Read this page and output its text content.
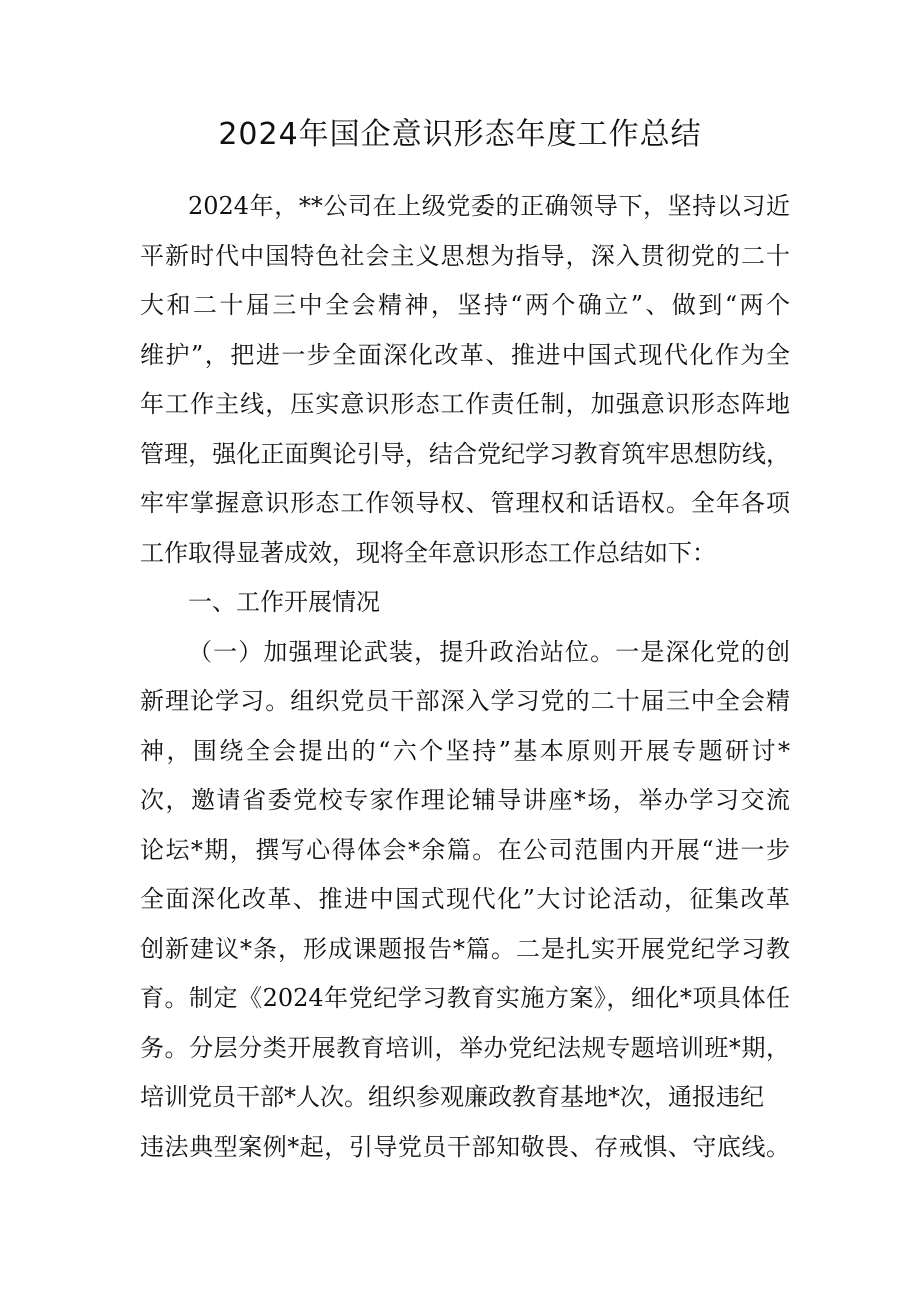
2024年国企意识形态年度工作总结
2024年，**公司在上级党委的正确领导下，坚持以习近
平新时代中国特色社会主义思想为指导，深入贯彻党的二十
大和二十届三中全会精神，坚持“两个确立”、做到“两个
维护”，把进一步全面深化改革、推进中国式现代化作为全
年工作主线，压实意识形态工作责任制，加强意识形态阵地
管理，强化正面舆论引导，结合党纪学习教育筑牢思想防线，
牢牢掌握意识形态工作领导权、管理权和话语权。全年各项
工作取得显著成效，现将全年意识形态工作总结如下：
一、工作开展情况
（一）加强理论武装，提升政治站位。一是深化党的创
新理论学习。组织党员干部深入学习党的二十届三中全会精
神，围绕全会提出的“六个坚持”基本原则开展专题研讨*
次，邀请省委党校专家作理论辅导讲座*场，举办学习交流
论坛*期，撰写心得体会*余篇。在公司范围内开展“进一步
全面深化改革、推进中国式现代化”大讨论活动，征集改革
创新建议*条，形成课题报告*篇。二是扎实开展党纪学习教
育。制定《2024年党纪学习教育实施方案》，细化*项具体任
务。分层分类开展教育培训，举办党纪法规专题培训班*期，
培训党员干部*人次。组织参观廉政教育基地*次，通报违纪
违法典型案例*起，引导党员干部知敬畏、存戒惧、守底线。
